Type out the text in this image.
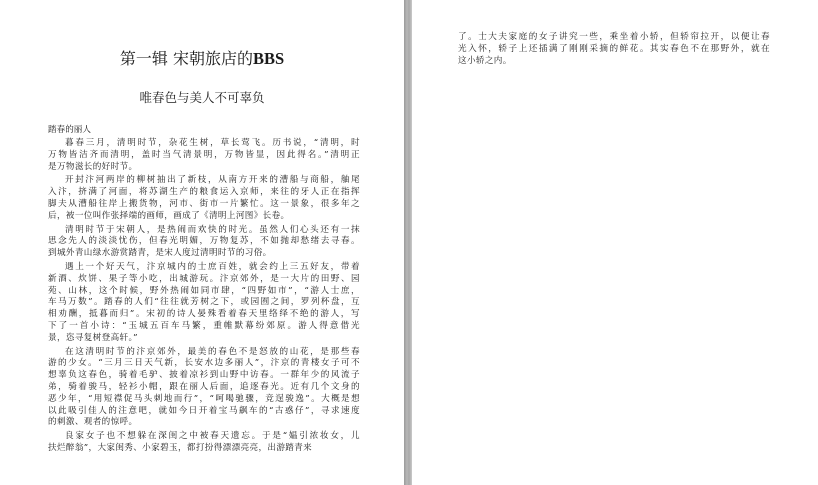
第一辑 宋朝旅店的BBS
唯春色与美人不可辜负
踏春的丽人
暮春三月，清明时节，杂花生树，草长莺飞。历书说，“清明，时
万物皆洁齐而清明，盖时当气清景明，万物皆显，因此得名。”清明正
是万物滋长的好时节。
开封汴河两岸的柳树抽出了新枝，从南方开来的漕船与商船，舳尾
入汴，挤满了河面，将苏湖生产的粮食运入京师，来往的牙人正在指挥
脚夫从漕船往岸上搬货物，河市、街市一片繁忙。这一景象，很多年之
后，被一位叫作张择端的画师，画成了《清明上河图》长卷。
清明时节于宋朝人，是热闹而欢快的时光。虽然人们心头还有一抹
思念先人的淡淡忧伤，但春光明媚，万物复苏，不如抛却愁绪去寻春。
到城外青山绿水游赏踏青，是宋人度过清明时节的习俗。
遇上一个好天气，汴京城内的士庶百姓，就会约上三五好友，带着
新酒、炊饼、果子等小吃，出城游玩。汴京郊外，是一大片的田野、园
苑、山林，这个时候，野外热闹如同市肆，“四野如市”，“游人士庶，
车马万数”。踏春的人们“往往就芳树之下，或园囿之间，罗列杯盘，互
相劝酬，抵暮而归”。宋初的诗人晏殊看着春天里络绎不绝的游人，写
下了一首小诗：“玉城五百车马繁，重帷默幕纷郊原。游人得意借光
景，恣寻复树登高轩。”
在这清明时节的汴京郊外，最美的春色不是怒放的山花，是那些春
游的少女。“三月三日天气新，长安水边多丽人”，汴京的青楼女子可不
想辜负这春色，骑着毛驴、披着凉衫到山野中访春。一群年少的风流子
弟，骑着骏马，轻衫小帽，跟在丽人后面，追逐春光。近有几个文身的
恶少年，“用短襟促马头刺地而行”，“呵喝驰骤，竞逞骏逸”。大概是想
以此吸引佳人的注意吧，就如今日开着宝马飙车的“古惑仔”，寻求速度
的刺激、观者的惊呼。
良家女子也不想躲在深闺之中被春天遗忘。于是“媪引浓妆女，儿
扶烂醉翁”，大家闺秀、小家碧玉，都打扮得漂漂亮亮，出游踏青来
了。士大夫家庭的女子讲究一些，乘坐着小轿，但轿帘拉开，以便让春
光入怀，轿子上还插满了刚刚采摘的鲜花。其实春色不在那野外，就在
这小轿之内。
